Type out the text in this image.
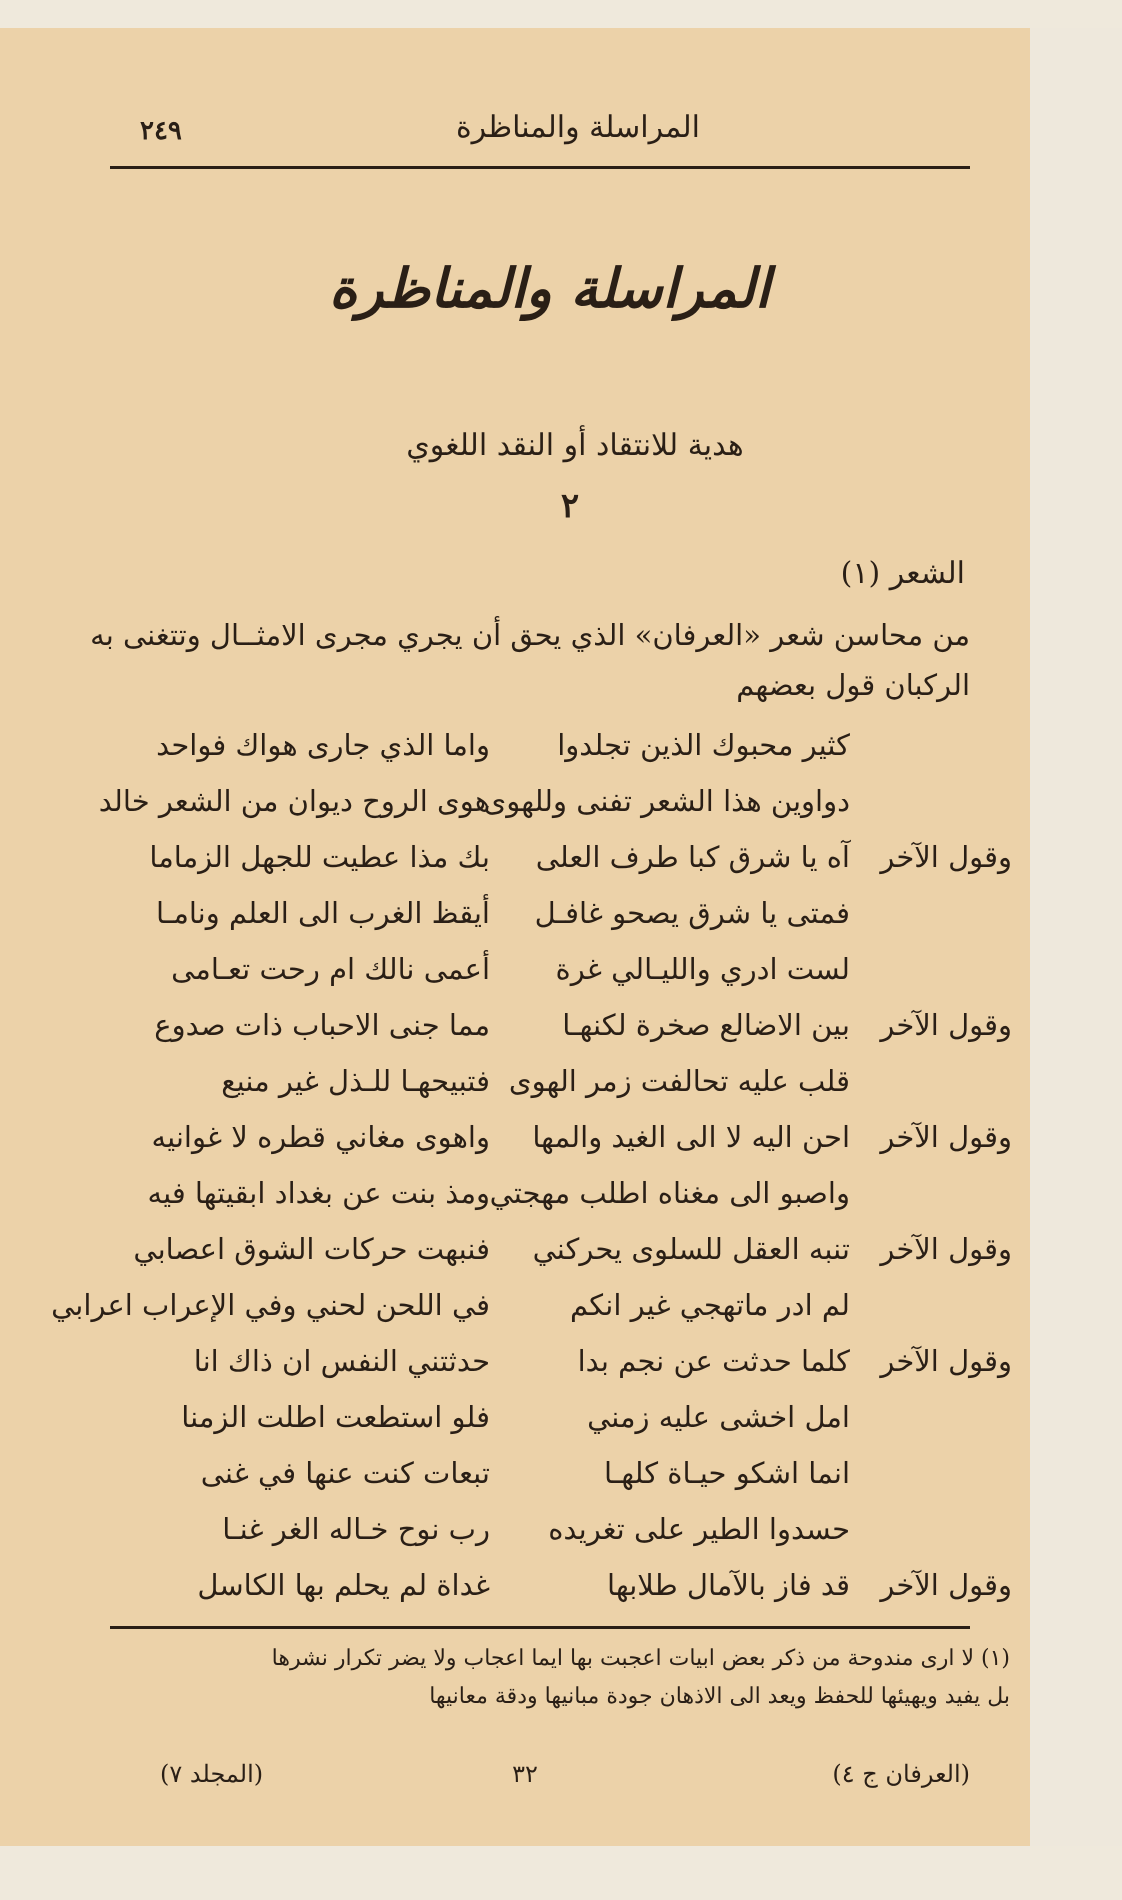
المراسلة والمناظرة
٢٤٩
المراسلة والمناظرة
هدية للانتقاد أو النقد اللغوي
٢
الشعر (١)
من محاسن شعر «العرفان» الذي يحق أن يجري مجرى الامثــال وتتغنى به
الركبان قول بعضهم
كثير محبوك الذين تجلدوا
واما الذي جارى هواك فواحد
دواوين هذا الشعر تفنى وللهوى
هوى الروح ديوان من الشعر خالد
وقول الآخر
آه يا شرق كبا طرف العلى
بك مذا عطيت للجهل الزماما
فمتى يا شرق يصحو غافـل
أيقظ الغرب الى العلم ونامـا
لست ادري والليـالي غرة
أعمى نالك ام رحت تعـامى
وقول الآخر
بين الاضالع صخرة لكنهـا
مما جنى الاحباب ذات صدوع
قلب عليه تحالفت زمر الهوى
فتبيحهـا للـذل غير منيع
وقول الآخر
احن اليه لا الى الغيد والمها
واهوى مغاني قطره لا غوانيه
واصبو الى مغناه اطلب مهجتي
ومذ بنت عن بغداد ابقيتها فيه
وقول الآخر
تنبه العقل للسلوى يحركني
فنبهت حركات الشوق اعصابي
لم ادر ماتهجي غير انكم
في اللحن لحني وفي الإعراب اعرابي
وقول الآخر
كلما حدثت عن نجم بدا
حدثتني النفس ان ذاك انا
امل اخشى عليه زمني
فلو استطعت اطلت الزمنا
انما اشكو حيـاة كلهـا
تبعات كنت عنها في غنى
حسدوا الطير على تغريده
رب نوح خـاله الغر غنـا
وقول الآخر
قد فاز بالآمال طلابها
غداة لم يحلم بها الكاسل
(١) لا ارى مندوحة من ذكر بعض ابيات اعجبت بها ايما اعجاب ولا يضر تكرار نشرها
بل يفيد ويهيئها للحفظ ويعد الى الاذهان جودة مبانيها ودقة معانيها
(العرفان ج ٤)
٣٢
(المجلد ٧)
